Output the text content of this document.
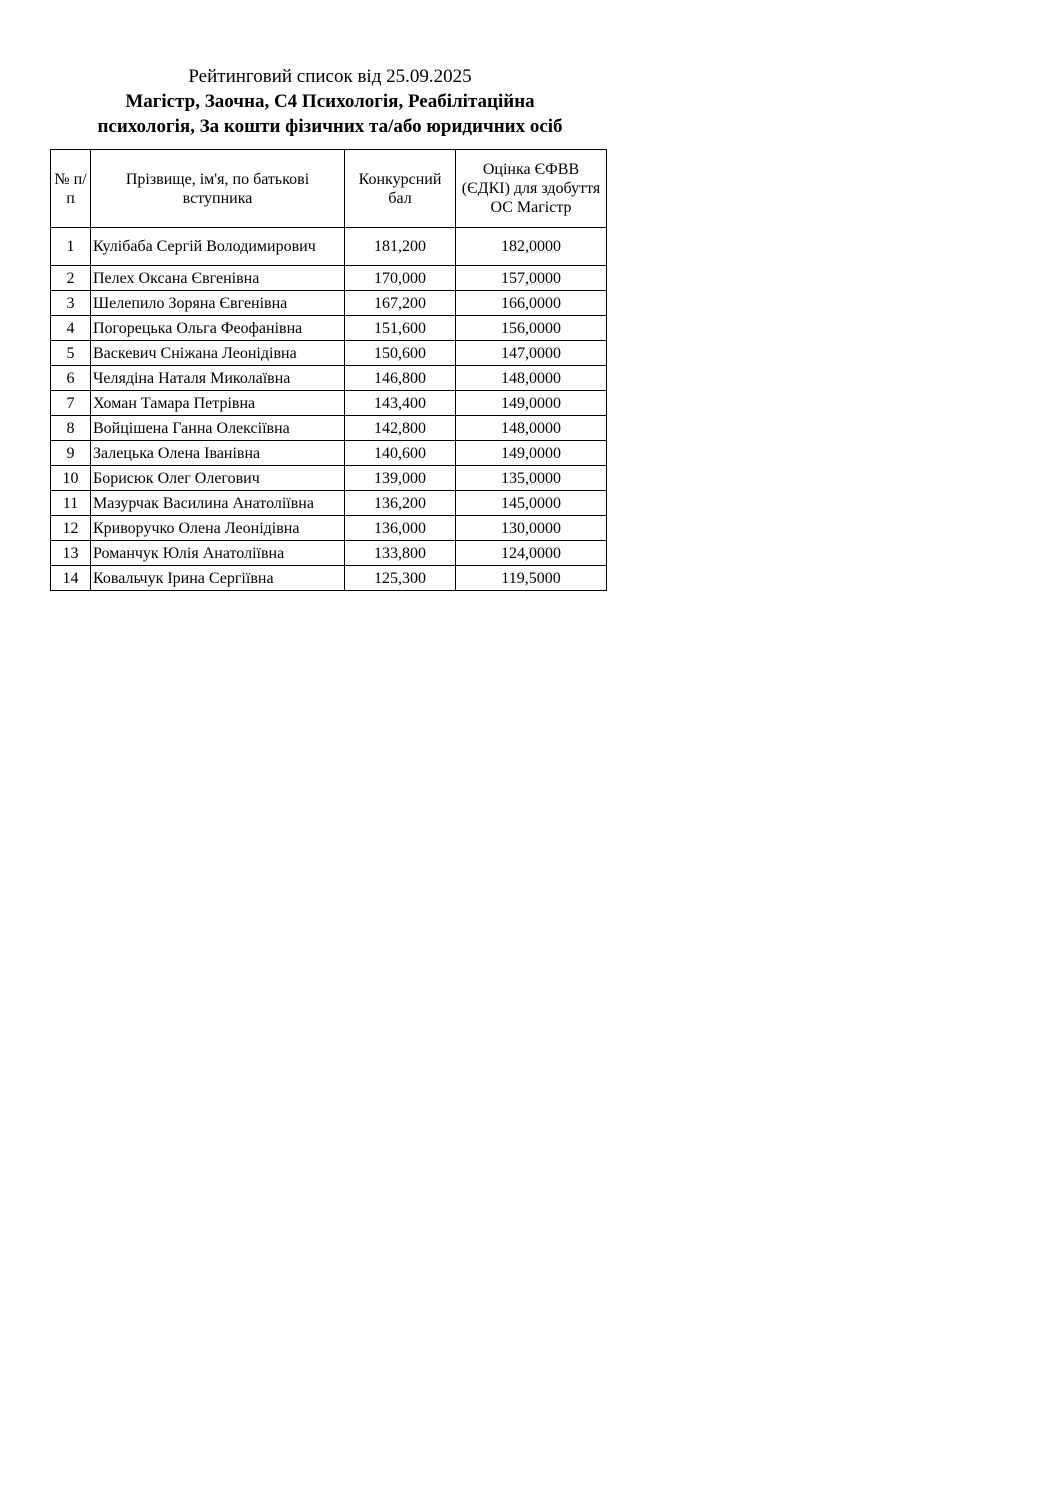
Рейтинговий список від 25.09.2025
Магістр, Заочна, С4 Психологія, Реабілітаційна
психологія, За кошти фізичних та/або юридичних осіб
№ п/п	Прізвище, ім'я, по батькові вступника	Конкурсний бал	Оцінка ЄФВВ (ЄДКІ) для здобуття ОС Магістр
1	Кулібаба Сергій Володимирович	181,200	182,0000
2	Пелех Оксана Євгенівна	170,000	157,0000
3	Шелепило Зоряна Євгенівна	167,200	166,0000
4	Погорецька Ольга Феофанівна	151,600	156,0000
5	Васкевич Сніжана Леонідівна	150,600	147,0000
6	Челядіна Наталя Миколаївна	146,800	148,0000
7	Хоман Тамара Петрівна	143,400	149,0000
8	Войцішена Ганна Олексіївна	142,800	148,0000
9	Залецька Олена Іванівна	140,600	149,0000
10	Борисюк Олег Олегович	139,000	135,0000
11	Мазурчак Василина Анатоліївна	136,200	145,0000
12	Криворучко Олена Леонідівна	136,000	130,0000
13	Романчук Юлія Анатоліївна	133,800	124,0000
14	Ковальчук Ірина Сергіївна	125,300	119,5000
